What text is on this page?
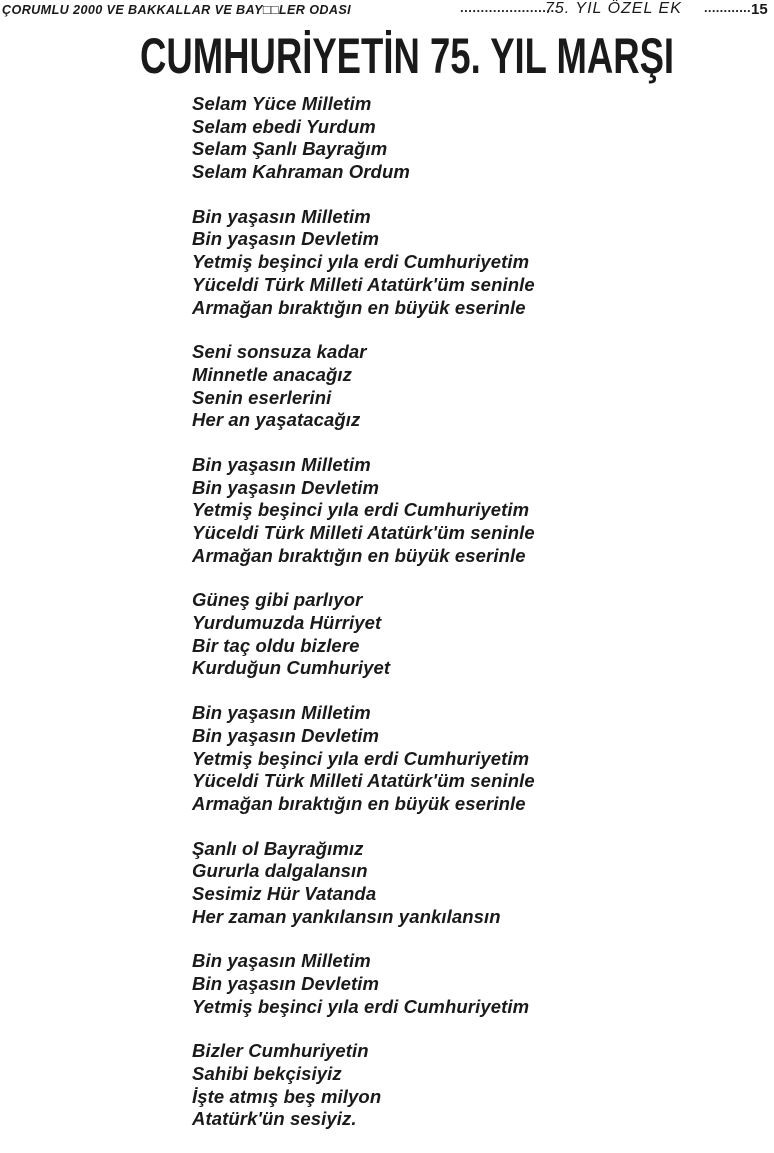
ÇORUMLU 2000 VE BAKKALLAR VE BAY□□LER ODASI	........................
75. YIL ÖZEL EK ............ 15
CUMHURİYETİN 75. YIL MARŞI
Selam Yüce Milletim
Selam ebedi Yurdum
Selam Şanlı Bayrağım
Selam Kahraman Ordum
Bin yaşasın Milletim
Bin yaşasın Devletim
Yetmiş beşinci yıla erdi Cumhuriyetim
Yüceldi Türk Milleti Atatürk'üm seninle
Armağan bıraktığın en büyük eserinle
Seni sonsuza kadar
Minnetle anacağız
Senin eserlerini
Her an yaşatacağız
Bin yaşasın Milletim
Bin yaşasın Devletim
Yetmiş beşinci yıla erdi Cumhuriyetim
Yüceldi Türk Milleti Atatürk'üm seninle
Armağan bıraktığın en büyük eserinle
Güneş gibi parlıyor
Yurdumuzda Hürriyet
Bir taç oldu bizlere
Kurduğun Cumhuriyet
Bin yaşasın Milletim
Bin yaşasın Devletim
Yetmiş beşinci yıla erdi Cumhuriyetim
Yüceldi Türk Milleti Atatürk'üm seninle
Armağan bıraktığın en büyük eserinle
Şanlı ol Bayrağımız
Gururla dalgalansın
Sesimiz Hür Vatanda
Her zaman yankılansın yankılansın
Bin yaşasın Milletim
Bin yaşasın Devletim
Yetmiş beşinci yıla erdi Cumhuriyetim
Bizler Cumhuriyetin
Sahibi bekçisiyiz
İşte atmış beş milyon
Atatürk'ün sesiyiz.
